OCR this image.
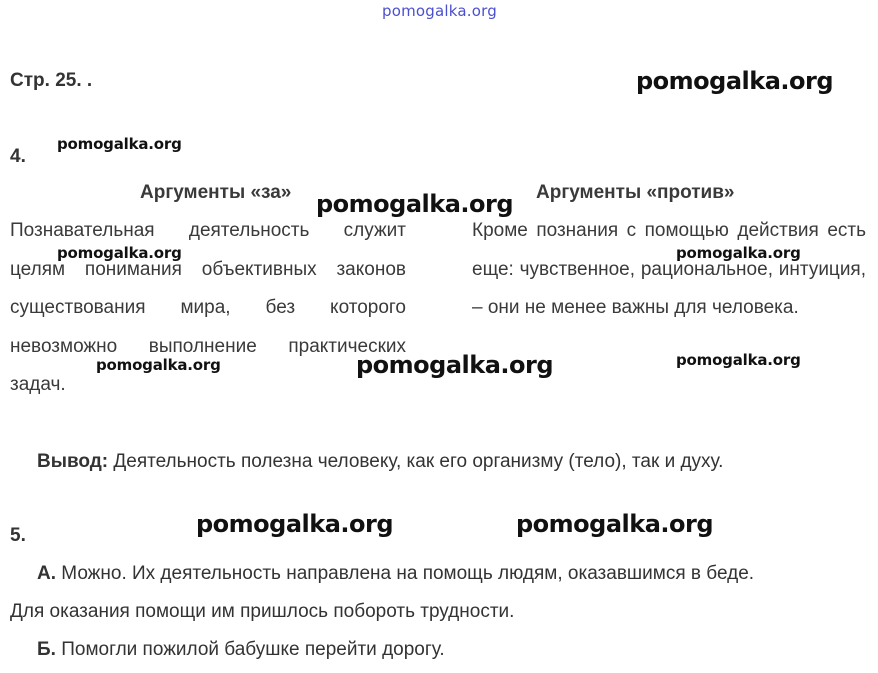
pomogalka.org
Стр. 25. .	pomogalka.org
4.
pomogalka.org
Аргументы «за»	Аргументы «против»
Познавательная деятельность служит целям понимания объективных законов существования мира, без которого невозможно выполнение практических задач.
Кроме познания с помощью действия есть еще: чувственное, рациональное, интуиция, – они не менее важны для человека.
pomogalka.org
pomogalka.org	pomogalka.org
pomogalka.org	pomogalka.org	pomogalka.org
Вывод: Деятельность полезна человеку, как его организму (тело), так и духу.
5.	pomogalka.org	pomogalka.org
А. Можно. Их деятельность направлена на помощь людям, оказавшимся в беде.
Для оказания помощи им пришлось побороть трудности.
Б. Помогли пожилой бабушке перейти дорогу.
